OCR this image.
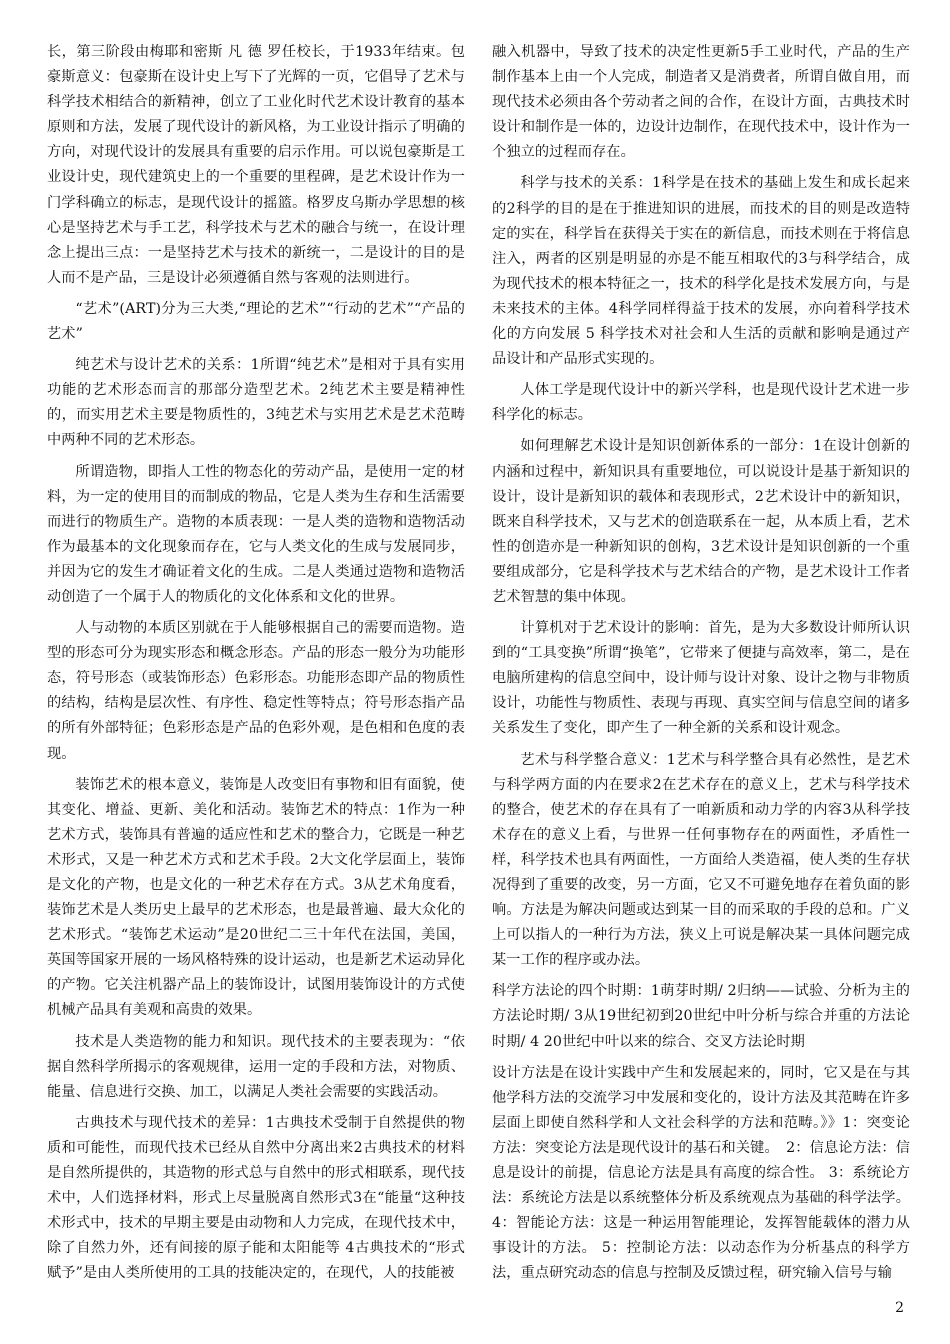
长，第三阶段由梅耶和密斯 凡 德 罗任校长，于1933年结束。包豪斯意义：包豪斯在设计史上写下了光辉的一页，它倡导了艺术与科学技术相结合的新精神，创立了工业化时代艺术设计教育的基本原则和方法，发展了现代设计的新风格，为工业设计指示了明确的方向，对现代设计的发展具有重要的启示作用。可以说包豪斯是工业设计史，现代建筑史上的一个重要的里程碑，是艺术设计作为一门学科确立的标志，是现代设计的摇篮。格罗皮乌斯办学思想的核心是坚持艺术与手工艺，科学技术与艺术的融合与统一，在设计理念上提出三点：一是坚持艺术与技术的新统一，二是设计的目的是人而不是产品，三是设计必须遵循自然与客观的法则进行。

“艺术”(ART)分为三大类,“理论的艺术”“行动的艺术”“产品的艺术”

纯艺术与设计艺术的关系：1所谓“纯艺术”是相对于具有实用功能的艺术形态而言的那部分造型艺术。2纯艺术主要是精神性的，而实用艺术主要是物质性的，3纯艺术与实用艺术是艺术范畴中两种不同的艺术形态。

所谓造物，即指人工性的物态化的劳动产品，是使用一定的材料，为一定的使用目的而制成的物品，它是人类为生存和生活需要而进行的物质生产。造物的本质表现：一是人类的造物和造物活动作为最基本的文化现象而存在，它与人类文化的生成与发展同步，并因为它的发生才确证着文化的生成。二是人类通过造物和造物活动创造了一个属于人的物质化的文化体系和文化的世界。

人与动物的本质区别就在于人能够根据自己的需要而造物。造型的形态可分为现实形态和概念形态。产品的形态一般分为功能形态，符号形态（或装饰形态）色彩形态。功能形态即产品的物质性的结构，结构是层次性、有序性、稳定性等特点；符号形态指产品的所有外部特征；色彩形态是产品的色彩外观，是色相和色度的表现。

装饰艺术的根本意义，装饰是人改变旧有事物和旧有面貌，使其变化、增益、更新、美化和活动。装饰艺术的特点：1作为一种艺术方式，装饰具有普遍的适应性和艺术的整合力，它既是一种艺术形式，又是一种艺术方式和艺术手段。2大文化学层面上，装饰是文化的产物，也是文化的一种艺术存在方式。3从艺术角度看，装饰艺术是人类历史上最早的艺术形态，也是最普遍、最大众化的艺术形式。“装饰艺术运动”是20世纪二三十年代在法国，美国，英国等国家开展的一场风格特殊的设计运动，也是新艺术运动异化的产物。它关注机器产品上的装饰设计，试图用装饰设计的方式使机械产品具有美观和高贵的效果。

技术是人类造物的能力和知识。现代技术的主要表现为：“依据自然科学所揭示的客观规律，运用一定的手段和方法，对物质、能量、信息进行交换、加工，以满足人类社会需要的实践活动。

古典技术与现代技术的差异：1古典技术受制于自然提供的物质和可能性，而现代技术已经从自然中分离出来2古典技术的材料是自然所提供的，其造物的形式总与自然中的形式相联系，现代技术中，人们选择材料，形式上尽量脱离自然形式3在“能量“这种技术形式中，技术的早期主要是由动物和人力完成，在现代技术中，除了自然力外，还有间接的原子能和太阳能等 4古典技术的“形式赋予”是由人类所使用的工具的技能决定的，在现代，人的技能被

融入机器中，导致了技术的决定性更新5手工业时代，产品的生产制作基本上由一个人完成，制造者又是消费者，所谓自做自用，而现代技术必须由各个劳动者之间的合作，在设计方面，古典技术时设计和制作是一体的，边设计边制作，在现代技术中，设计作为一个独立的过程而存在。

科学与技术的关系：1科学是在技术的基础上发生和成长起来的2科学的目的是在于推进知识的进展，而技术的目的则是改造特定的实在，科学旨在获得关于实在的新信息，而技术则在于将信息注入，两者的区别是明显的亦是不能互相取代的3与科学结合，成为现代技术的根本特征之一，技术的科学化是技术发展方向，与是未来技术的主体。4科学同样得益于技术的发展，亦向着科学技术化的方向发展 5 科学技术对社会和人生活的贡献和影响是通过产品设计和产品形式实现的。

人体工学是现代设计中的新兴学科，也是现代设计艺术进一步科学化的标志。

如何理解艺术设计是知识创新体系的一部分：1在设计创新的内涵和过程中，新知识具有重要地位，可以说设计是基于新知识的设计，设计是新知识的载体和表现形式，2艺术设计中的新知识，既来自科学技术，又与艺术的创造联系在一起，从本质上看，艺术性的创造亦是一种新知识的创构，3艺术设计是知识创新的一个重要组成部分，它是科学技术与艺术结合的产物，是艺术设计工作者艺术智慧的集中体现。

计算机对于艺术设计的影响：首先，是为大多数设计师所认识到的“工具变换”所谓“换笔”，它带来了便捷与高效率，第二，是在电脑所建构的信息空间中，设计师与设计对象、设计之物与非物质设计，功能性与物质性、表现与再现、真实空间与信息空间的诸多关系发生了变化，即产生了一种全新的关系和设计观念。

艺术与科学整合意义：1艺术与科学整合具有必然性，是艺术与科学两方面的内在要求2在艺术存在的意义上，艺术与科学技术的整合，使艺术的存在具有了一咱新质和动力学的内容3从科学技术存在的意义上看，与世界一任何事物存在的两面性，矛盾性一样，科学技术也具有两面性，一方面给人类造福，使人类的生存状况得到了重要的改变，另一方面，它又不可避免地存在着负面的影响。方法是为解决问题或达到某一目的而采取的手段的总和。广义上可以指人的一种行为方法，狭义上可说是解决某一具体问题完成某一工作的程序或办法。

科学方法论的四个时期：1萌芽时期/ 2归纳——试验、分析为主的方法论时期/ 3从19世纪初到20世纪中叶分析与综合并重的方法论时期/ 4 20世纪中叶以来的综合、交叉方法论时期

设计方法是在设计实践中产生和发展起来的，同时，它又是在与其他学科方法的交流学习中发展和变化的，设计方法及其范畴在许多层面上即使自然科学和人文社会科学的方法和范畴。》》1：突变论方法：突变论方法是现代设计的基石和关键。　2：信息论方法：信息是设计的前提，信息论方法是具有高度的综合性。 3：系统论方法：系统论方法是以系统整体分析及系统观点为基础的科学法学。 4：智能论方法：这是一种运用智能理论，发挥智能载体的潜力从事设计的方法。 5：控制论方法：以动态作为分析基点的科学方法，重点研究动态的信息与控制及反馈过程，研究输入信号与输

2
